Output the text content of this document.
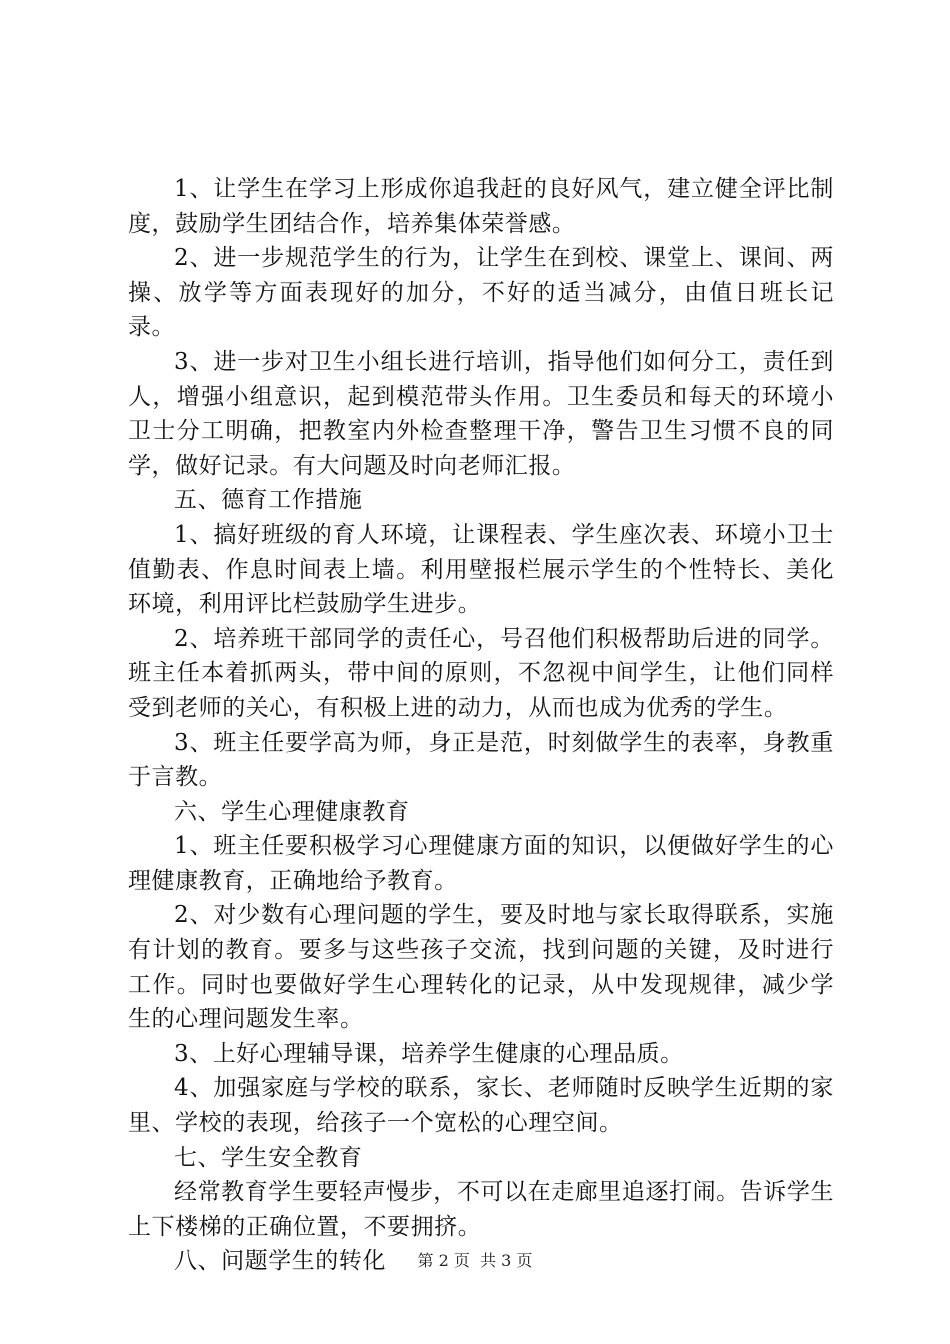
1、让学生在学习上形成你追我赶的良好风气，建立健全评比制度，鼓励学生团结合作，培养集体荣誉感。

2、进一步规范学生的行为，让学生在到校、课堂上、课间、两操、放学等方面表现好的加分，不好的适当减分，由值日班长记录。

3、进一步对卫生小组长进行培训，指导他们如何分工，责任到人，增强小组意识，起到模范带头作用。卫生委员和每天的环境小卫士分工明确，把教室内外检查整理干净，警告卫生习惯不良的同学，做好记录。有大问题及时向老师汇报。

五、德育工作措施

1、搞好班级的育人环境，让课程表、学生座次表、环境小卫士值勤表、作息时间表上墙。利用壁报栏展示学生的个性特长、美化环境，利用评比栏鼓励学生进步。

2、培养班干部同学的责任心，号召他们积极帮助后进的同学。班主任本着抓两头，带中间的原则，不忽视中间学生，让他们同样受到老师的关心，有积极上进的动力，从而也成为优秀的学生。

3、班主任要学高为师，身正是范，时刻做学生的表率，身教重于言教。

六、学生心理健康教育

1、班主任要积极学习心理健康方面的知识，以便做好学生的心理健康教育，正确地给予教育。

2、对少数有心理问题的学生，要及时地与家长取得联系，实施有计划的教育。要多与这些孩子交流，找到问题的关键，及时进行工作。同时也要做好学生心理转化的记录，从中发现规律，减少学生的心理问题发生率。

3、上好心理辅导课，培养学生健康的心理品质。

4、加强家庭与学校的联系，家长、老师随时反映学生近期的家里、学校的表现，给孩子一个宽松的心理空间。

七、学生安全教育

经常教育学生要轻声慢步，不可以在走廊里追逐打闹。告诉学生上下楼梯的正确位置，不要拥挤。

八、问题学生的转化	第 2 页 共 3 页
